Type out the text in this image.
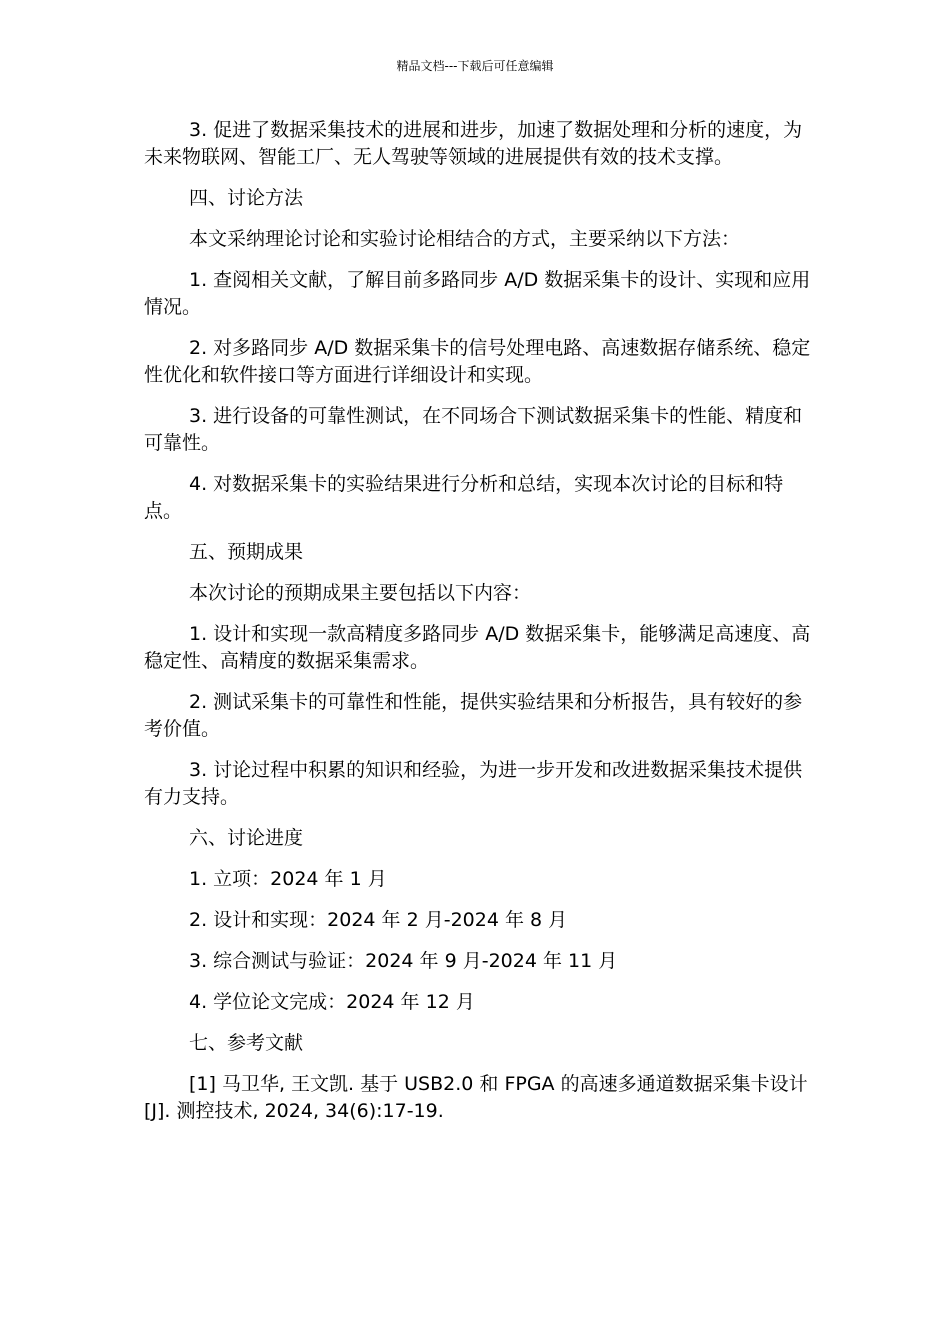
精品文档---下载后可任意编辑

3. 促进了数据采集技术的进展和进步，加速了数据处理和分析的速度，为未来物联网、智能工厂、无人驾驶等领域的进展提供有效的技术支撑。

四、讨论方法

本文采纳理论讨论和实验讨论相结合的方式，主要采纳以下方法：

1. 查阅相关文献，了解目前多路同步 A/D 数据采集卡的设计、实现和应用情况。

2. 对多路同步 A/D 数据采集卡的信号处理电路、高速数据存储系统、稳定性优化和软件接口等方面进行详细设计和实现。

3. 进行设备的可靠性测试，在不同场合下测试数据采集卡的性能、精度和可靠性。

4. 对数据采集卡的实验结果进行分析和总结，实现本次讨论的目标和特点。

五、预期成果

本次讨论的预期成果主要包括以下内容：

1. 设计和实现一款高精度多路同步 A/D 数据采集卡，能够满足高速度、高稳定性、高精度的数据采集需求。

2. 测试采集卡的可靠性和性能，提供实验结果和分析报告，具有较好的参考价值。

3. 讨论过程中积累的知识和经验，为进一步开发和改进数据采集技术提供有力支持。

六、讨论进度

1. 立项：2024 年 1 月

2. 设计和实现：2024 年 2 月-2024 年 8 月

3. 综合测试与验证：2024 年 9 月-2024 年 11 月

4. 学位论文完成：2024 年 12 月

七、参考文献

[1] 马卫华, 王文凯. 基于 USB2.0 和 FPGA 的高速多通道数据采集卡设计[J]. 测控技术, 2024, 34(6):17-19.
